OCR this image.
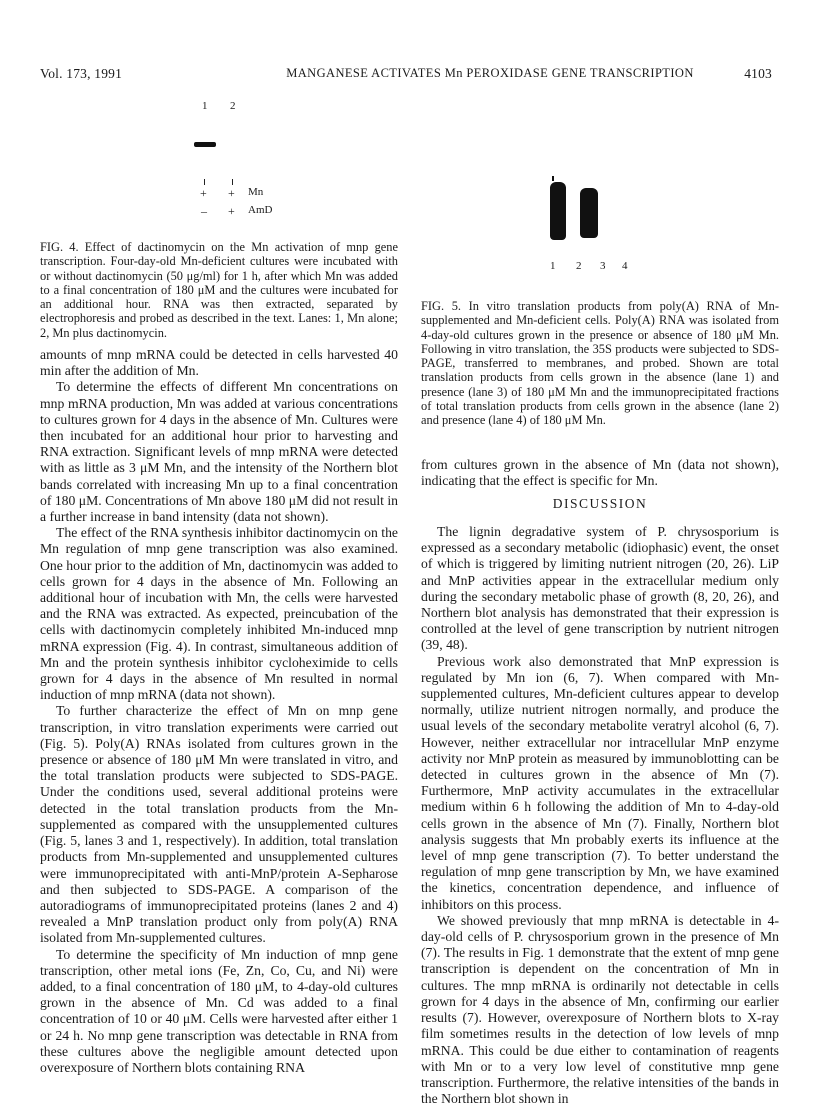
Vol. 173, 1991	MANGANESE ACTIVATES Mn PEROXIDASE GENE TRANSCRIPTION	4103
1 2
+ + Mn
– + AmD
FIG. 4. Effect of dactinomycin on the Mn activation of mnp gene transcription. Four-day-old Mn-deficient cultures were incubated with or without dactinomycin (50 μg/ml) for 1 h, after which Mn was added to a final concentration of 180 μM and the cultures were incubated for an additional hour. RNA was then extracted, separated by electrophoresis and probed as described in the text. Lanes: 1, Mn alone; 2, Mn plus dactinomycin.
1 2 3 4
FIG. 5. In vitro translation products from poly(A) RNA of Mn-supplemented and Mn-deficient cells. Poly(A) RNA was isolated from 4-day-old cultures grown in the presence or absence of 180 μM Mn. Following in vitro translation, the 35S products were subjected to SDS-PAGE, transferred to membranes, and probed. Shown are total translation products from cells grown in the absence (lane 1) and presence (lane 3) of 180 μM Mn and the immunoprecipitated fractions of total translation products from cells grown in the absence (lane 2) and presence (lane 4) of 180 μM Mn.

amounts of mnp mRNA could be detected in cells harvested 40 min after the addition of Mn.

To determine the effects of different Mn concentrations on mnp mRNA production, Mn was added at various concentrations to cultures grown for 4 days in the absence of Mn. Cultures were then incubated for an additional hour prior to harvesting and RNA extraction. Significant levels of mnp mRNA were detected with as little as 3 μM Mn, and the intensity of the Northern blot bands correlated with increasing Mn up to a final concentration of 180 μM. Concentrations of Mn above 180 μM did not result in a further increase in band intensity (data not shown).

The effect of the RNA synthesis inhibitor dactinomycin on the Mn regulation of mnp gene transcription was also examined. One hour prior to the addition of Mn, dactinomycin was added to cells grown for 4 days in the absence of Mn. Following an additional hour of incubation with Mn, the cells were harvested and the RNA was extracted. As expected, preincubation of the cells with dactinomycin completely inhibited Mn-induced mnp mRNA expression (Fig. 4). In contrast, simultaneous addition of Mn and the protein synthesis inhibitor cycloheximide to cells grown for 4 days in the absence of Mn resulted in normal induction of mnp mRNA (data not shown).

To further characterize the effect of Mn on mnp gene transcription, in vitro translation experiments were carried out (Fig. 5). Poly(A) RNAs isolated from cultures grown in the presence or absence of 180 μM Mn were translated in vitro, and the total translation products were subjected to SDS-PAGE. Under the conditions used, several additional proteins were detected in the total translation products from the Mn-supplemented as compared with the unsupplemented cultures (Fig. 5, lanes 3 and 1, respectively). In addition, total translation products from Mn-supplemented and unsupplemented cultures were immunoprecipitated with anti-MnP/protein A-Sepharose and then subjected to SDS-PAGE. A comparison of the autoradiograms of immunoprecipitated proteins (lanes 2 and 4) revealed a MnP translation product only from poly(A) RNA isolated from Mn-supplemented cultures.

To determine the specificity of Mn induction of mnp gene transcription, other metal ions (Fe, Zn, Co, Cu, and Ni) were added, to a final concentration of 180 μM, to 4-day-old cultures grown in the absence of Mn. Cd was added to a final concentration of 10 or 40 μM. Cells were harvested after either 1 or 24 h. No mnp gene transcription was detectable in RNA from these cultures above the negligible amount detected upon overexposure of Northern blots containing RNA

from cultures grown in the absence of Mn (data not shown), indicating that the effect is specific for Mn.
DISCUSSION

The lignin degradative system of P. chrysosporium is expressed as a secondary metabolic (idiophasic) event, the onset of which is triggered by limiting nutrient nitrogen (20, 26). LiP and MnP activities appear in the extracellular medium only during the secondary metabolic phase of growth (8, 20, 26), and Northern blot analysis has demonstrated that their expression is controlled at the level of gene transcription by nutrient nitrogen (39, 48).

Previous work also demonstrated that MnP expression is regulated by Mn ion (6, 7). When compared with Mn-supplemented cultures, Mn-deficient cultures appear to develop normally, utilize nutrient nitrogen normally, and produce the usual levels of the secondary metabolite veratryl alcohol (6, 7). However, neither extracellular nor intracellular MnP enzyme activity nor MnP protein as measured by immunoblotting can be detected in cultures grown in the absence of Mn (7). Furthermore, MnP activity accumulates in the extracellular medium within 6 h following the addition of Mn to 4-day-old cells grown in the absence of Mn (7). Finally, Northern blot analysis suggests that Mn probably exerts its influence at the level of mnp gene transcription (7). To better understand the regulation of mnp gene transcription by Mn, we have examined the kinetics, concentration dependence, and influence of inhibitors on this process.

We showed previously that mnp mRNA is detectable in 4-day-old cells of P. chrysosporium grown in the presence of Mn (7). The results in Fig. 1 demonstrate that the extent of mnp gene transcription is dependent on the concentration of Mn in cultures. The mnp mRNA is ordinarily not detectable in cells grown for 4 days in the absence of Mn, confirming our earlier results (7). However, overexposure of Northern blots to X-ray film sometimes results in the detection of low levels of mnp mRNA. This could be due either to contamination of reagents with Mn or to a very low level of constitutive mnp gene transcription. Furthermore, the relative intensities of the bands in the Northern blot shown in
